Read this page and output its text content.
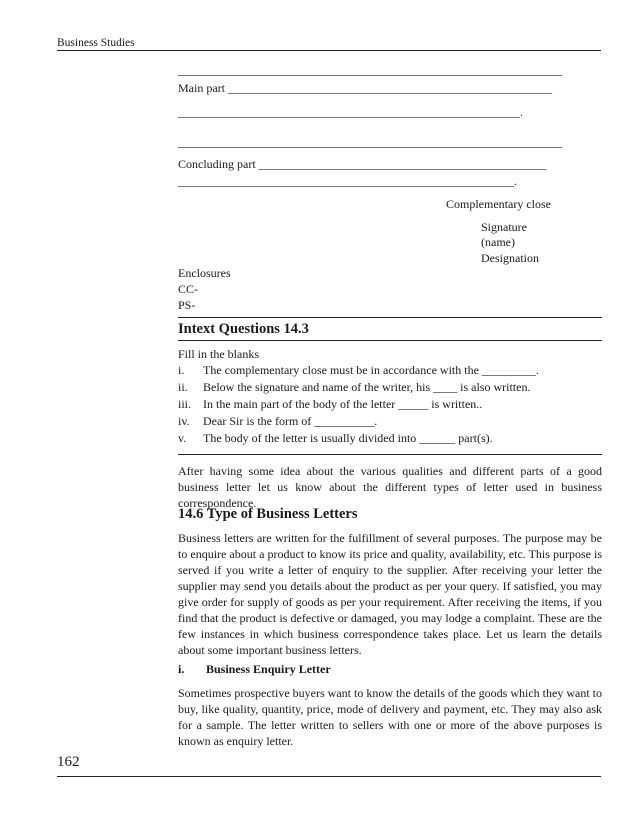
Business Studies
________________________________________________________________
Main part ______________________________________________________
_________________________________________________________.
________________________________________________________________
Concluding part ________________________________________________
________________________________________________________.
Complementary close
Signature
(name)
Designation
Enclosures
CC-
PS-
Intext Questions 14.3
Fill in the blanks
i. The complementary close must be in accordance with the _________.
ii. Below the signature and name of the writer, his ____ is also written.
iii. In the main part of the body of the letter _____ is written..
iv. Dear Sir is the form of __________.
v. The body of the letter is usually divided into ______ part(s).
After having some idea about the various qualities and different parts of a good business letter let us know about the different types of letter used in business correspondence.
14.6 Type of Business Letters
Business letters are written for the fulfillment of several purposes. The purpose may be to enquire about a product to know its price and quality, availability, etc. This purpose is served if you write a letter of enquiry to the supplier. After receiving your letter the supplier may send you details about the product as per your query. If satisfied, you may give order for supply of goods as per your requirement. After receiving the items, if you find that the product is defective or damaged, you may lodge a complaint. These are the few instances in which business correspondence takes place. Let us learn the details about some important business letters.
i. Business Enquiry Letter
Sometimes prospective buyers want to know the details of the goods which they want to buy, like quality, quantity, price, mode of delivery and payment, etc. They may also ask for a sample. The letter written to sellers with one or more of the above purposes is known as enquiry letter.
162
